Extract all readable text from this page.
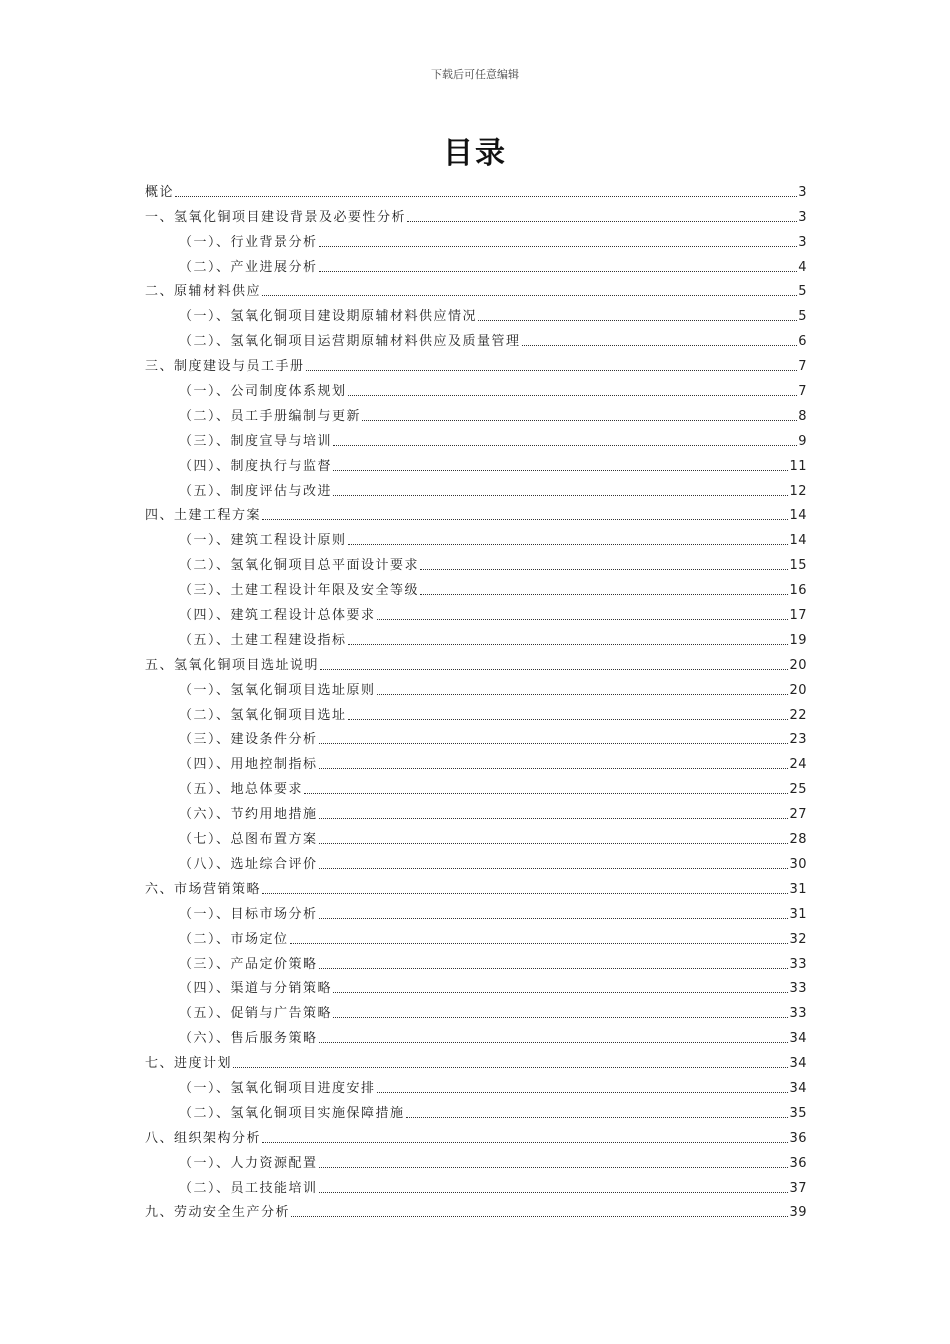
下载后可任意编辑
目录
概论	3
一、氢氧化铜项目建设背景及必要性分析	3
（一）、行业背景分析	3
（二）、产业进展分析	4
二、原辅材料供应	5
（一）、氢氧化铜项目建设期原辅材料供应情况	5
（二）、氢氧化铜项目运营期原辅材料供应及质量管理	6
三、制度建设与员工手册	7
（一）、公司制度体系规划	7
（二）、员工手册编制与更新	8
（三）、制度宣导与培训	9
（四）、制度执行与监督	11
（五）、制度评估与改进	12
四、土建工程方案	14
（一）、建筑工程设计原则	14
（二）、氢氧化铜项目总平面设计要求	15
（三）、土建工程设计年限及安全等级	16
（四）、建筑工程设计总体要求	17
（五）、土建工程建设指标	19
五、氢氧化铜项目选址说明	20
（一）、氢氧化铜项目选址原则	20
（二）、氢氧化铜项目选址	22
（三）、建设条件分析	23
（四）、用地控制指标	24
（五）、地总体要求	25
（六）、节约用地措施	27
（七）、总图布置方案	28
（八）、选址综合评价	30
六、市场营销策略	31
（一）、目标市场分析	31
（二）、市场定位	32
（三）、产品定价策略	33
（四）、渠道与分销策略	33
（五）、促销与广告策略	33
（六）、售后服务策略	34
七、进度计划	34
（一）、氢氧化铜项目进度安排	34
（二）、氢氧化铜项目实施保障措施	35
八、组织架构分析	36
（一）、人力资源配置	36
（二）、员工技能培训	37
九、劳动安全生产分析	39
